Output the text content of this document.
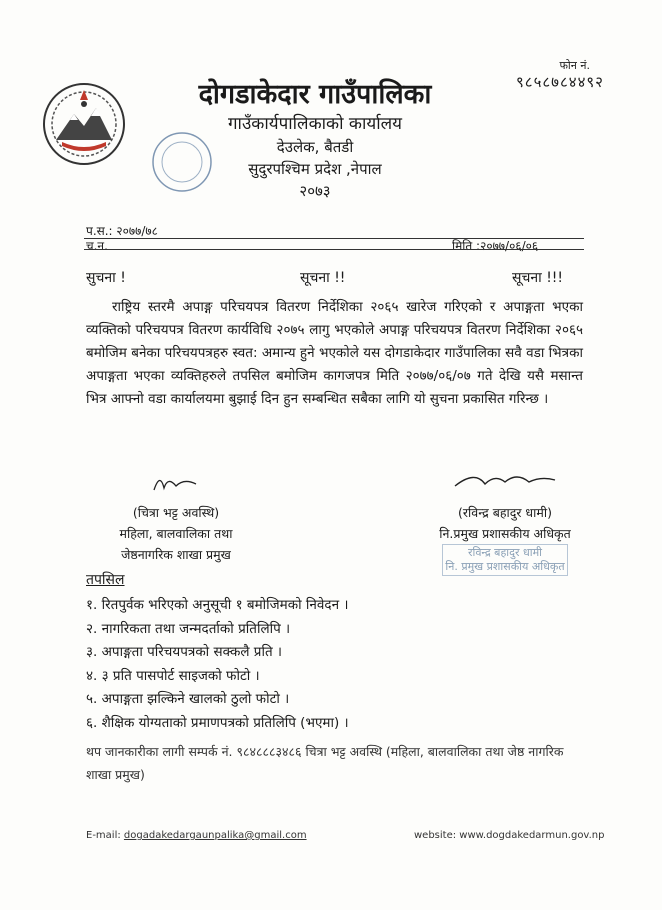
फोन नं.
९८५८७८४४९२
दोगडाकेदार गाउँपालिका
गाउँकार्यपालिकाको कार्यालय
देउलेक, बैतडी
सुदुरपश्चिम प्रदेश ,नेपाल
२०७३
प.स.: २०७७/७८
च.न.	मिति :२०७७/०६/०६
सुचना !	सूचना !!	सूचना !!!
राष्ट्रिय स्तरमै अपाङ्ग परिचयपत्र वितरण निर्देशिका २०६५ खारेज गरिएको र अपाङ्गता भएका व्यक्तिको परिचयपत्र वितरण कार्यविधि २०७५ लागु भएकोले अपाङ्ग परिचयपत्र वितरण निर्देशिका २०६५ बमोजिम बनेका परिचयपत्रहरु स्वत: अमान्य हुने भएकोले यस दोगडाकेदार गाउँपालिका सवै वडा भित्रका अपाङ्गता भएका व्यक्तिहरुले तपसिल बमोजिम कागजपत्र मिति २०७७/०६/०७ गते देखि यसै मसान्त भित्र आफ्नो वडा कार्यालयमा बुझाई दिन हुन सम्बन्धित सबैका लागि यो सुचना प्रकासित गरिन्छ ।
(चित्रा भट्ट अवस्थि)
महिला, बालवालिका तथा
जेष्ठनागरिक शाखा प्रमुख
(रविन्द्र बहादुर धामी)
नि.प्रमुख प्रशासकीय अधिकृत
रविन्द्र बहादुर धामी
नि. प्रमुख प्रशासकीय अधिकृत
तपसिल
१. रितपुर्वक भरिएको अनुसूची १ बमोजिमको निवेदन ।
२. नागरिकता तथा जन्मदर्ताको प्रतिलिपि ।
३. अपाङ्गता परिचयपत्रको सक्कलै प्रति ।
४. ३ प्रति पासपोर्ट साइजको फोटो ।
५. अपाङ्गता झल्किने खालको ठुलो फोटो ।
६. शैक्षिक योग्यताको प्रमाणपत्रको प्रतिलिपि (भएमा) ।
थप जानकारीका लागी सम्पर्क नं. ९८४८८८३४८६ चित्रा भट्ट अवस्थि (महिला, बालवालिका तथा जेष्ठ नागरिक शाखा प्रमुख)
E-mail: dogadakedargaunpalika@gmail.com	website: www.dogdakedarmun.gov.np
